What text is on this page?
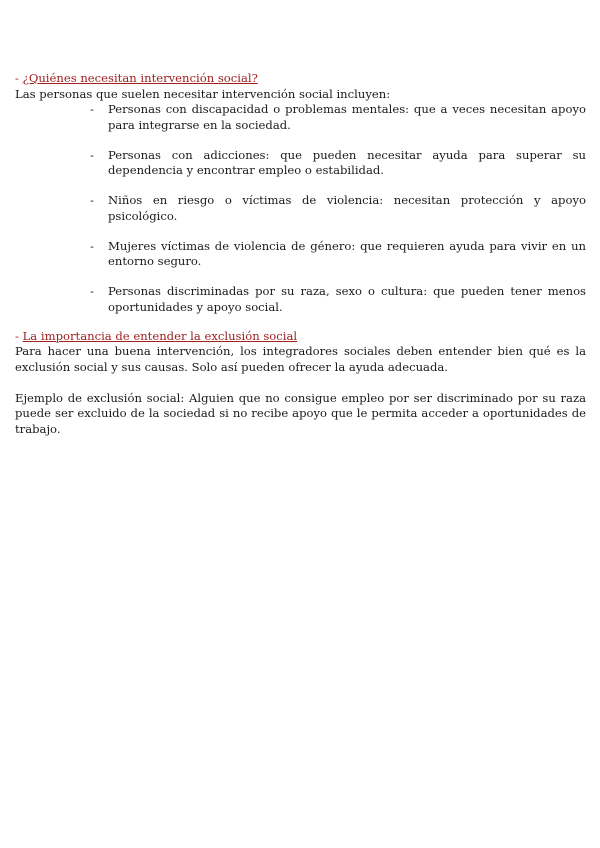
- ¿Quiénes necesitan intervención social?

Las personas que suelen necesitar intervención social incluyen:

- Personas con discapacidad o problemas mentales: que a veces necesitan apoyo para integrarse en la sociedad.
- Personas con adicciones: que pueden necesitar ayuda para superar su dependencia y encontrar empleo o estabilidad.
- Niños en riesgo o víctimas de violencia: necesitan protección y apoyo psicológico.
- Mujeres víctimas de violencia de género: que requieren ayuda para vivir en un entorno seguro.
- Personas discriminadas por su raza, sexo o cultura: que pueden tener menos oportunidades y apoyo social.

- La importancia de entender la exclusión social

Para hacer una buena intervención, los integradores sociales deben entender bien qué es la exclusión social y sus causas. Solo así pueden ofrecer la ayuda adecuada.

Ejemplo de exclusión social: Alguien que no consigue empleo por ser discriminado por su raza puede ser excluido de la sociedad si no recibe apoyo que le permita acceder a oportunidades de trabajo.
